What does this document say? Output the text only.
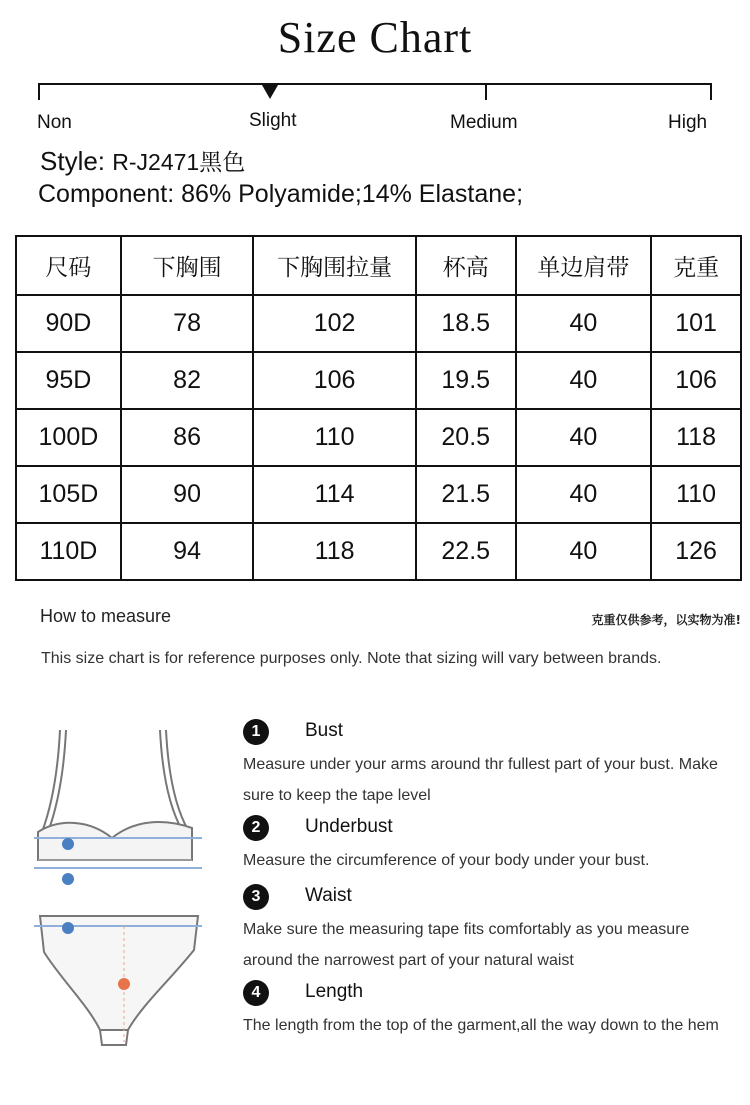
Size Chart
Non	Slight	Medium	High
Style: R-J2471黑色
Component: 86% Polyamide;14% Elastane;
尺码	下胸围	下胸围拉量	杯高	单边肩带	克重
90D	78	102	18.5	40	101
95D	82	106	19.5	40	106
100D	86	110	20.5	40	118
105D	90	114	21.5	40	110
110D	94	118	22.5	40	126
How to measure	克重仅供参考，以实物为准!
This size chart is for reference purposes only. Note that sizing will vary between brands.
1	Bust
Measure under your arms around thr fullest part of your bust. Make sure to keep the tape level
2	Underbust
Measure the circumference of your body under your bust.
3	Waist
Make sure the measuring tape fits comfortably as you measure around the narrowest part of your natural waist
4	Length
The length from the top of the garment,all the way down to the hem
